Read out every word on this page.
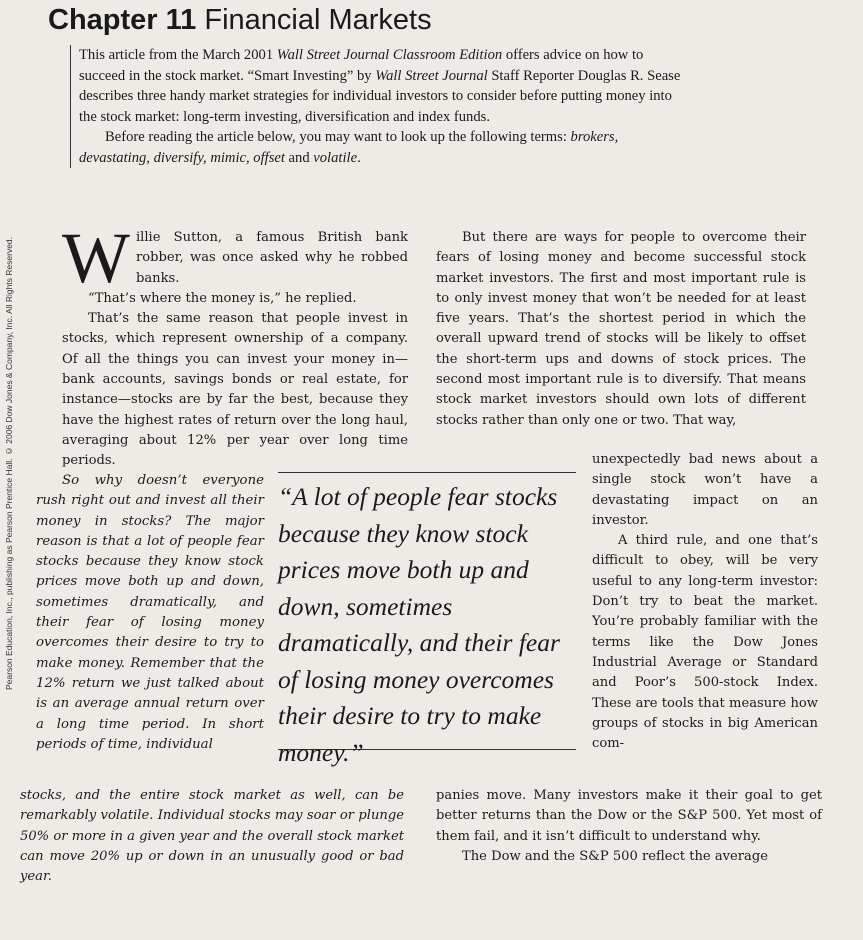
Pearson Education, Inc., publishing as Pearson Prentice Hall. © 2006 Dow Jones & Company, Inc. All Rights Reserved.
Chapter 11 Financial Markets

This article from the March 2001 Wall Street Journal Classroom Edition offers advice on how to succeed in the stock market. “Smart Investing” by Wall Street Journal Staff Reporter Douglas R. Sease describes three handy market strategies for individual investors to consider before putting money into the stock market: long-term investing, diversification and index funds.

Before reading the article below, you may want to look up the following terms: brokers, devastating, diversify, mimic, offset and volatile.

W illie Sutton, a famous British bank robber, was once asked why he robbed banks.

“That’s where the money is,” he replied.

That’s the same reason that people invest in stocks, which represent ownership of a company. Of all the things you can invest your money in—bank accounts, savings bonds or real estate, for instance—stocks are by far the best, because they have the highest rates of return over the long haul, averaging about 12% per year over long time periods.

So why doesn’t everyone rush right out and invest all their money in stocks? The major reason is that a lot of people fear stocks because they know stock prices move both up and down, sometimes dramatically, and their fear of losing money overcomes their desire to try to make money. Remember that the 12% return we just talked about is an average annual return over a long time period. In short periods of time, individual

stocks, and the entire stock market as well, can be remarkably volatile. Individual stocks may soar or plunge 50% or more in a given year and the overall stock market can move 20% up or down in an unusually good or bad year.

But there are ways for people to overcome their fears of losing money and become successful stock market investors. The first and most important rule is to only invest money that won’t be needed for at least five years. That’s the shortest period in which the overall upward trend of stocks will be likely to offset the short-term ups and downs of stock prices. The second most important rule is to diversify. That means stock market investors should own lots of different stocks rather than only one or two. That way,

unexpectedly bad news about a single stock won’t have a devastating impact on an investor.

A third rule, and one that’s difficult to obey, will be very useful to any long-term investor: Don’t try to beat the market. You’re probably familiar with the terms like the Dow Jones Industrial Average or Standard and Poor’s 500-stock Index. These are tools that measure how groups of stocks in big American com-

panies move. Many investors make it their goal to get better returns than the Dow or the S&P 500. Yet most of them fail, and it isn’t difficult to understand why.

The Dow and the S&P 500 reflect the average

“A lot of people fear stocks because they know stock prices move both up and down, sometimes dramatically, and their fear of losing money overcomes their desire to try to make money.”
